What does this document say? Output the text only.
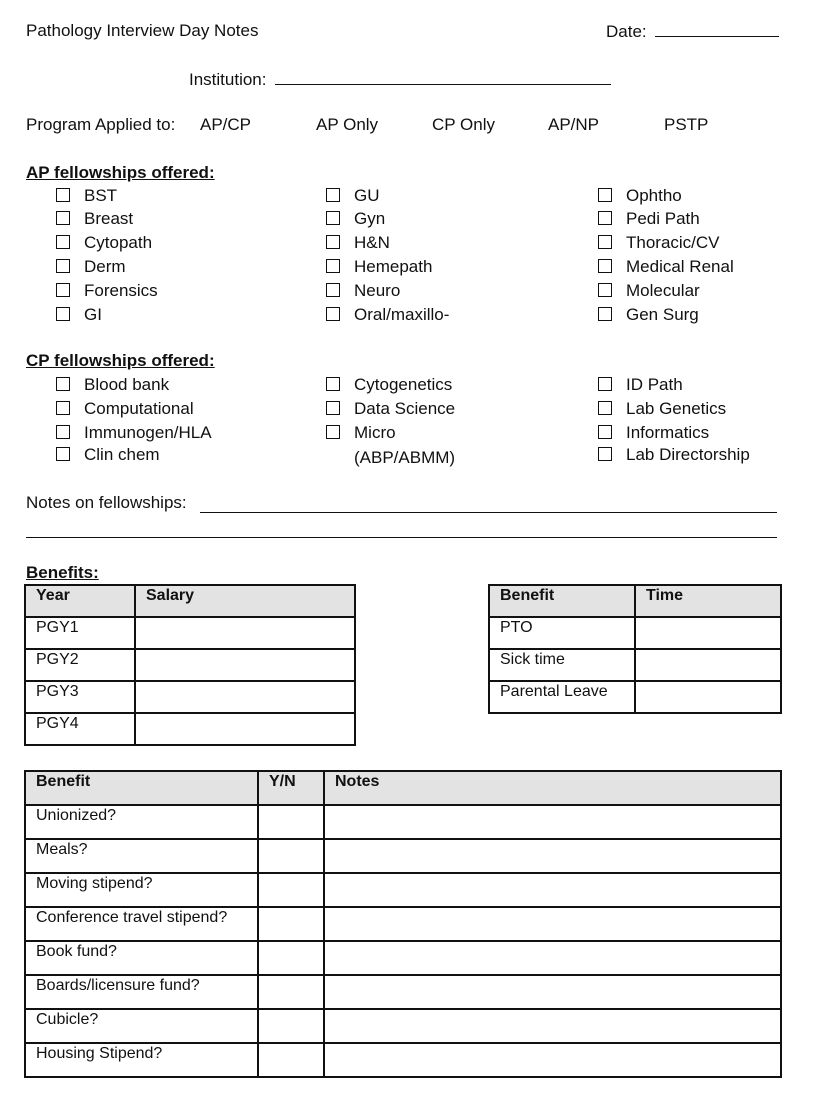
Pathology Interview Day Notes	Date:
Institution:
Program Applied to: AP/CP	AP Only	CP Only	AP/NP	PSTP
AP fellowships offered:
BST
Breast
Cytopath
Derm
Forensics
GI
GU
Gyn
H&N
Hemepath
Neuro
Oral/maxillo-
Ophtho
Pedi Path
Thoracic/CV
Medical Renal
Molecular
Gen Surg
CP fellowships offered:
Blood bank
Computational
Immunogen/HLA
Clin chem
Cytogenetics
Data Science
Micro
(ABP/ABMM)
ID Path
Lab Genetics
Informatics
Lab Directorship
Notes on fellowships:
Benefits:
Year	Salary
PGY1	
PGY2	
PGY3	
PGY4	
Benefit	Time
PTO	
Sick time	
Parental Leave	
Benefit	Y/N	Notes
Unionized?		
Meals?		
Moving stipend?		
Conference travel stipend?		
Book fund?		
Boards/licensure fund?		
Cubicle?		
Housing Stipend?		
